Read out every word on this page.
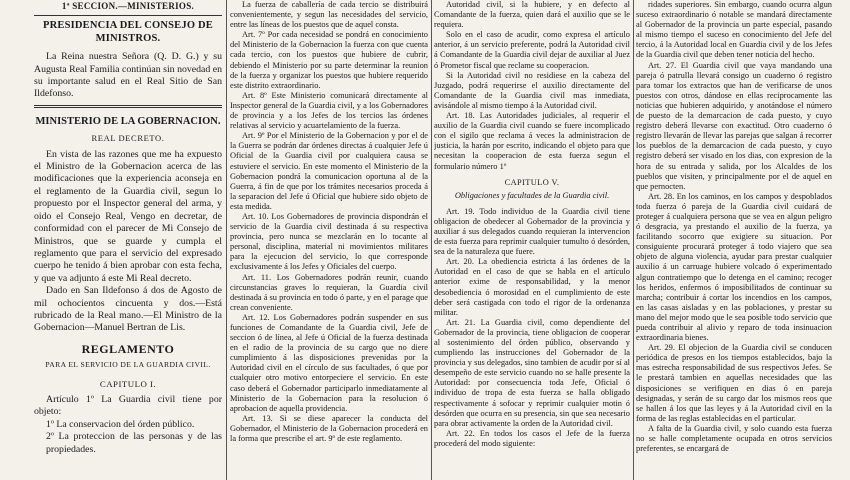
1ª SECCION.—MINISTERIOS.
PRESIDENCIA DEL CONSEJO DE MINISTROS.

La Reina nuestra Señora (Q. D. G.) y su Augusta Real Familia continúan sin novedad en su importante salud en el Real Sitio de San Ildefonso.

MINISTERIO DE LA GOBERNACION.
REAL DECRETO.

En vista de las razones que me ha expuesto el Ministro de la Gobernacion acerca de las modificaciones que la experiencia aconseja en el reglamento de la Guardia civil, segun lo propuesto por el Inspector general del arma, y oido el Consejo Real, Vengo en decretar, de conformidad con el parecer de Mi Consejo de Ministros, que se guarde y cumpla el reglamento que para el servicio del expresado cuerpo he tenido á bien aprobar con esta fecha, y que va adjunto á este Mi Real decreto.

Dado en San Ildefonso á dos de Agosto de mil ochocientos cincuenta y dos.—Está rubricado de la Real mano.—El Ministro de la Gobernacion—Manuel Bertran de Lis.

REGLAMENTO
PARA EL SERVICIO DE LA GUARDIA CIVIL.
CAPITULO I.

Artículo 1º La Guardia civil tiene por objeto:

1º La conservacion del órden público.

2º La proteccion de las personas y de las propiedades.

La fuerza de caballería de cada tercio se distribuirá convenientemente, y segun las necesidades del servicio, entre las líneas de los puestos que de aquel consta.

Art. 7º Por cada necesidad se pondrá en conocimiento del Ministerio de la Gobernacion la fuerza con que cuenta cada tercio, con los puestos que hubiere de cubrir, debiendo el Ministerio por su parte determinar la reunion de la fuerza y organizar los puestos que hubiere requerido este distrito extraordinario.

Art. 8º Este Ministerio comunicará directamente al Inspector general de la Guardia civil, y a los Gobernadores de provincia y a los Jefes de los tercios las órdenes relativas al servicio y acuartelamiento de la fuerza.

Art. 9º Por el Ministerio de la Gobernacion y por el de la Guerra se podrán dar órdenes directas á cualquier Jefe ú Oficial de la Guardia civil por cualquiera causa se estuviere el servicio. En este momento el Ministerio de la Gobernacion pondrá la comunicacion oportuna al de la Guerra, á fin de que por los trámites necesarios proceda á la separacion del Jefe ú Oficial que hubiere sido objeto de esta medida.

Art. 10. Los Gobernadores de provincia dispondrán el servicio de la Guardia civil destinada á su respectiva provincia, pero nunca se mezclarán en lo tocante al personal, disciplina, material ni movimientos militares para la ejecucion del servicio, lo que corresponde exclusivamente á los Jefes y Oficiales del cuerpo.

Art. 11. Los Gobernadores podrán reunir, cuando circunstancias graves lo requieran, la Guardia civil destinada á su provincia en todo ó parte, y en el parage que crean conveniente.

Art. 12. Los Gobernadores podrán suspender en sus funciones de Comandante de la Guardia civil, Jefe de seccion ó de línea, al Jefe ú Oficial de la fuerza destinada en el radio de la provincia de su cargo que no diere cumplimiento á las disposiciones prevenidas por la Autoridad civil en el círculo de sus facultades, ó que por cualquier otro motivo entorpeciere el servicio. En este caso deberá el Gobernador participarlo inmediatamente al Ministerio de la Gobernacion para la resolucion ó aprobacion de aquella providencia.

Art. 13. Si se diese aparecer la conducta del Gobernador, el Ministerio de la Gobernacion procederá en la forma que prescribe el art. 9º de este reglamento.

Autoridad civil, si la hubiere, y en defecto al Comandante de la fuerza, quien dará el auxilio que se le requiera.

Solo en el caso de acudir, como expresa el artículo anterior, á un servicio preferente, podrá la Autoridad civil á Comandante de la Guardia civil dejar de auxiliar al Juez ó Prometor fiscal que reclame su cooperacion.

Si la Autoridad civil no residiese en la cabeza del Juzgado, podrá requerirse el auxilio directamente del Comandante de la Guardia civil mas inmediata, avisándole al mismo tiempo á la Autoridad civil.

Art. 18. Las Autoridades judiciales, al requerir el auxilio de la Guardia civil cuando se fuere incomplicado con el sigilo que reclama á veces la administracion de justicia, la harán por escrito, indicando el objeto para que necesitan la cooperacion de esta fuerza segun el formulario número 1º

CAPITULO V.
Obligaciones y facultades de la Guardia civil.

Art. 19. Todo individuo de la Guardia civil tiene obligacion de obedecer al Gobernador de la provincia y auxiliar á sus delegados cuando requieran la intervencion de esta fuerza para reprimir cualquier tumulto ó desórden, sea de la naturaleza que fuere.

Art. 20. La obediencia estricta á las órdenes de la Autoridad en el caso de que se habla en el artículo anterior exime de responsabilidad, y la menor desobediencia ó morosidad en el cumplimiento de este deber será castigada con todo el rigor de la ordenanza militar.

Art. 21. La Guardia civil, como dependiente del Gobernador de la provincia, tiene obligacion de cooperar al sostenimiento del órden público, observando y cumpliendo las instrucciones del Gobernador de la provincia y sus delegados, sino tambien de acudir por sí al desempeño de este servicio cuando no se halle presente la Autoridad: por consecuencia toda Jefe, Oficial ó individuo de tropa de esta fuerza se halla obligado respectivamente á sofocar y reprimir cualquier motin ó desórden que ocurra en su presencia, sin que sea necesario para obrar activamente la orden de la Autoridad civil.

Art. 22. En todos los casos el Jefe de la fuerza procederá del modo siguiente:

ridades superiores. Sin embargo, cuando ocurra algun suceso extraordinario ó notable se mandará directamente al Gobernador de la provincia un parte especial, pasando al mismo tiempo el suceso en conocimiento del Jefe del tercio, á la Autoridad local en Guardia civil y de los Jefes de la Guardia civil que deben tener noticia del hecho.

Art. 27. El Guardia civil que vaya mandando una pareja ó patrulla llevará consigo un cuaderno ó registro para tomar los extractos que han de verificarse de unos puestos con otros, dándose en ellas reciprocamente las noticias que hubieren adquirido, y anotándose el número de puesto de la demarcacion de cada puesto, y cuyo registro deberá llevarse con exactitud. Otro cuaderno ó registro llevarán de llevar las parejas que salgan á recorrer los pueblos de la demarcacion de cada puesto, y cuyo registro deberá ser visado en los dias, con expresion de la hora de su entrada y salida, por los Alcaldes de los pueblos que visiten, y principalmente por el de aquel en que pernocten.

Art. 28. En los caminos, en los campos y despoblados toda fuerza ó pareja de la Guardia civil cuidará de proteger á cualquiera persona que se vea en algun peligro ó desgracia, ya prestando el auxilio de la fuerza, ya facilitando socorro que exigiere su situacion. Por consiguiente procurará proteger á todo viajero que sea objeto de alguna violencia, ayudar para prestar cualquier auxilio á un carruage hubiere volcado ó experimentado algun contratiempo que lo detenga en el camino; recoger los heridos, enfermos ó imposibilitados de continuar su marcha; contribuir á cortar los incendios en los campos, en las casas aisladas y en las poblaciones, y prestar su mano del mejor modo que le sea posible todo servicio que pueda contribuir al alivio y reparo de toda insinuacion extraordinaria bienes.

Art. 29. El objecion de la Guardia civil se conducen periódica de presos en los tiempos establecidos, bajo la mas estrecha responsabilidad de sus respectivos Jefes. Se le prestará tambien en aquellas necesidades que las disposiciones se verifiquen en dias ó en pareja designadas, y serán de su cargo dar los mismos reos que se hallen á los que las leyes y á la Autoridad civil en la forma de las reglas establecidas en el particular.

A falta de la Guardia civil, y solo cuando esta fuerza no se halle completamente ocupada en otros servicios preferentes, se encargará de
